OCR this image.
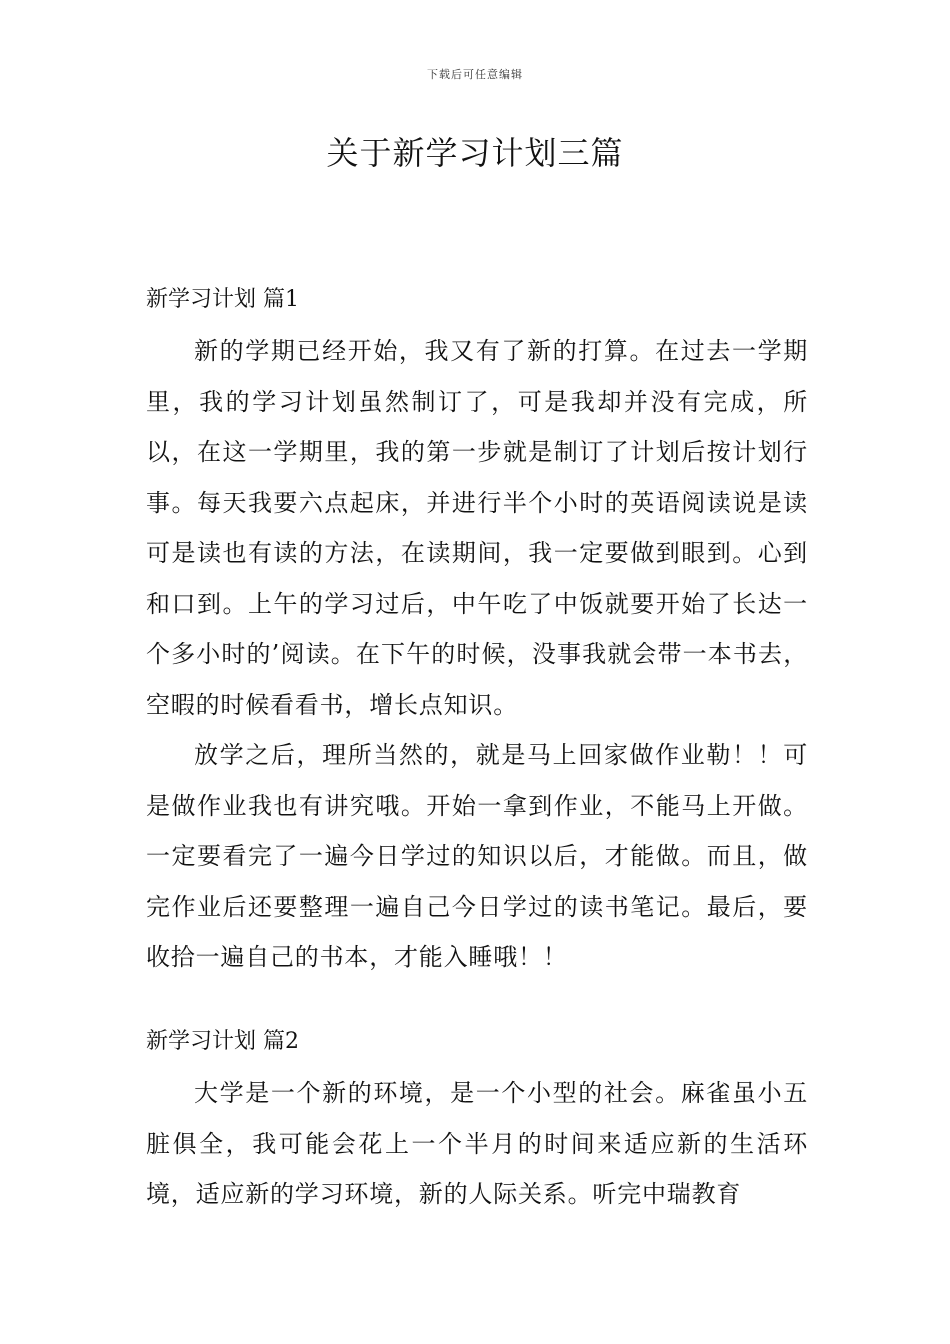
下载后可任意编辑
关于新学习计划三篇
新学习计划 篇1

新的学期已经开始，我又有了新的打算。在过去一学期里，我的学习计划虽然制订了，可是我却并没有完成，所以，在这一学期里，我的第一步就是制订了计划后按计划行事。每天我要六点起床，并进行半个小时的英语阅读说是读可是读也有读的方法，在读期间，我一定要做到眼到。心到和口到。上午的学习过后，中午吃了中饭就要开始了长达一个多小时的’阅读。在下午的时候，没事我就会带一本书去，空暇的时候看看书，增长点知识。

放学之后，理所当然的，就是马上回家做作业勒！！可是做作业我也有讲究哦。开始一拿到作业，不能马上开做。一定要看完了一遍今日学过的知识以后，才能做。而且，做完作业后还要整理一遍自己今日学过的读书笔记。最后，要收拾一遍自己的书本，才能入睡哦！！

新学习计划 篇2

大学是一个新的环境，是一个小型的社会。麻雀虽小五脏俱全，我可能会花上一个半月的时间来适应新的生活环境，适应新的学习环境，新的人际关系。听完中瑞教育
